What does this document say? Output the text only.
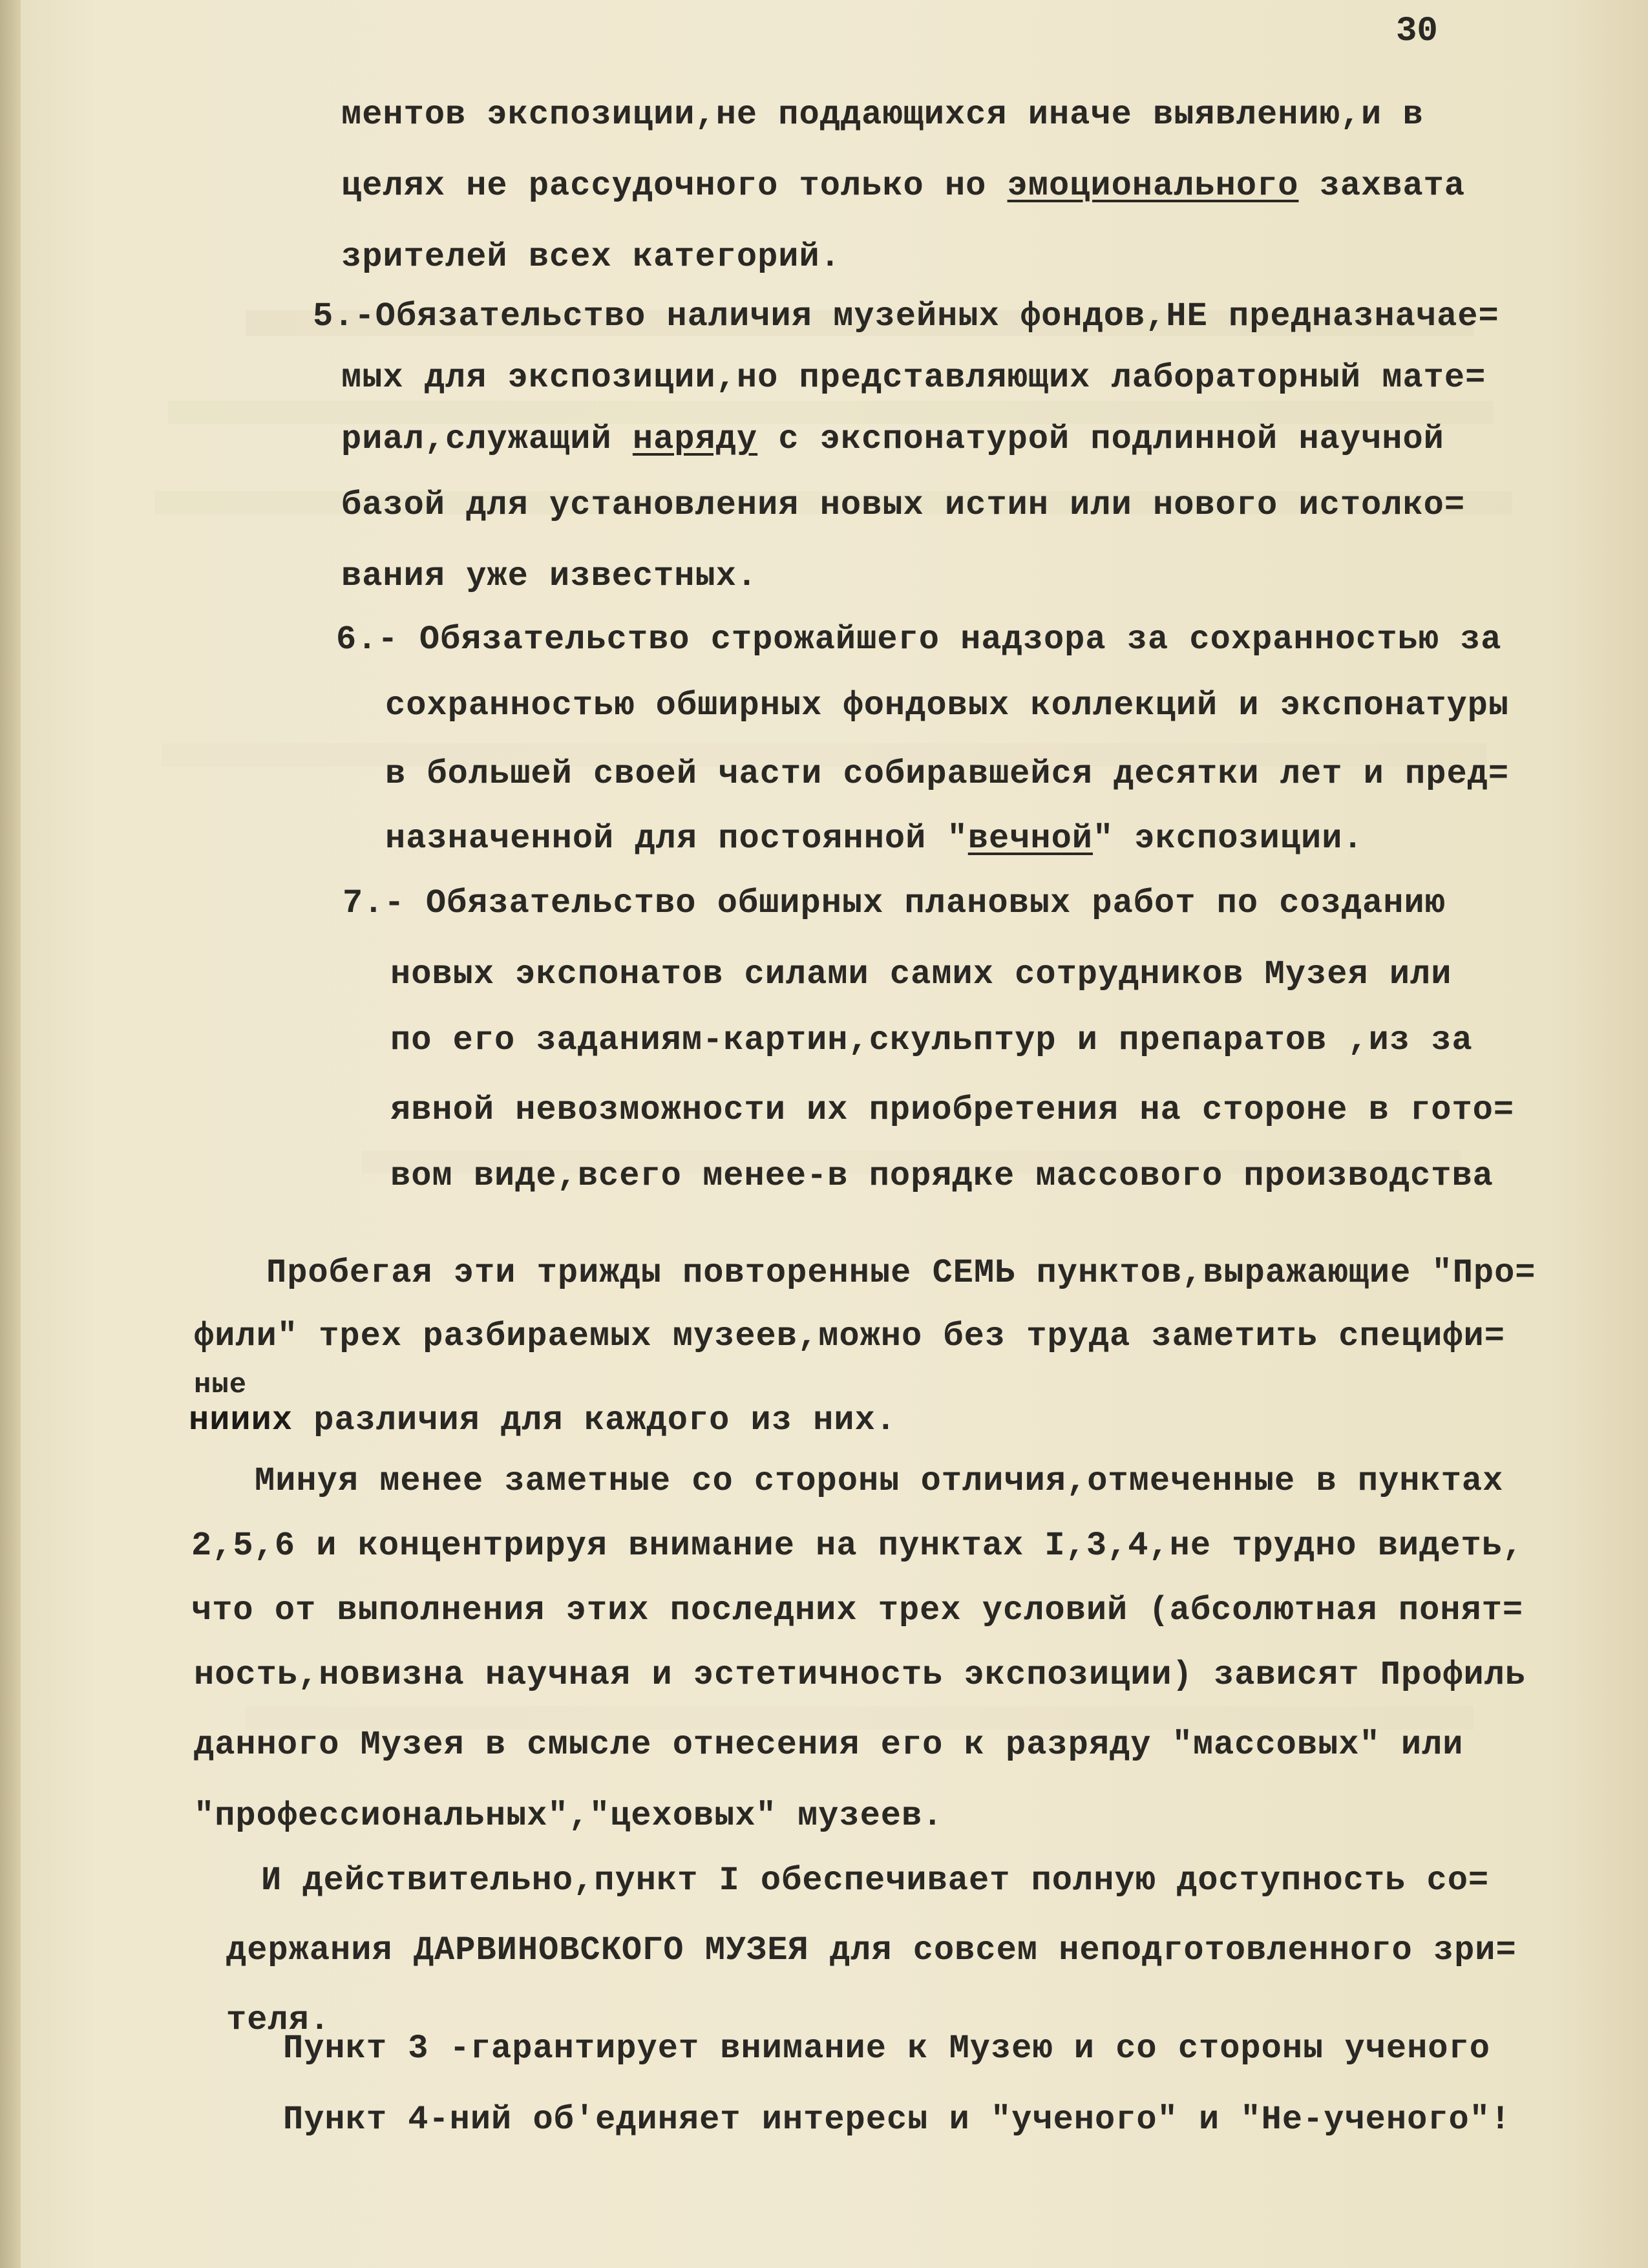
30
ментов экспозиции,не поддающихся иначе выявлению,и в
целях не рассудочного только но эмоционального захвата
зрителей всех категорий.
5.-Обязательство наличия музейных фондов,НЕ предназначае=
мых для экспозиции,но представляющих лабораторный мате=
риал,служащий наряду с экспонатурой подлинной научной
базой для установления новых истин или нового истолко=
вания уже известных.
6.- Обязательство строжайшего надзора за сохранностью за
сохранностью обширных фондовых коллекций и экспонатуры
в большей своей части собиравшейся десятки лет и пред=
назначенной для постоянной "вечной" экспозиции.
7.- Обязательство обширных плановых работ по созданию
новых экспонатов силами самих сотрудников Музея или
по его заданиям-картин,скульптур и препаратов ,из за
явной невозможности их приобретения на стороне в гото=
вом виде,всего менее-в порядке массового производства
Пробегая эти трижды повторенные СЕМЬ пунктов,выражающие "Про=
фили" трех разбираемых музеев,можно без труда заметить специфи=
ные
нииих различия для каждого из них.
Минуя менее заметные со стороны отличия,отмеченные в пунктах
2,5,6 и концентрируя внимание на пунктах I,3,4,не трудно видеть,
что от выполнения этих последних трех условий (абсолютная понят=
ность,новизна научная и эстетичность экспозиции) зависят Профиль
данного Музея в смысле отнесения его к разряду "массовых" или
"профессиональных","цеховых" музеев.
И действительно,пункт I обеспечивает полную доступность со=
держания ДАРВИНОВСКОГО МУЗЕЯ для совсем неподготовленного зри=
теля.
Пункт 3 -гарантирует внимание к Музею и со стороны ученого
Пункт 4-ний об'единяет интересы и "ученого" и "Не-ученого"!
